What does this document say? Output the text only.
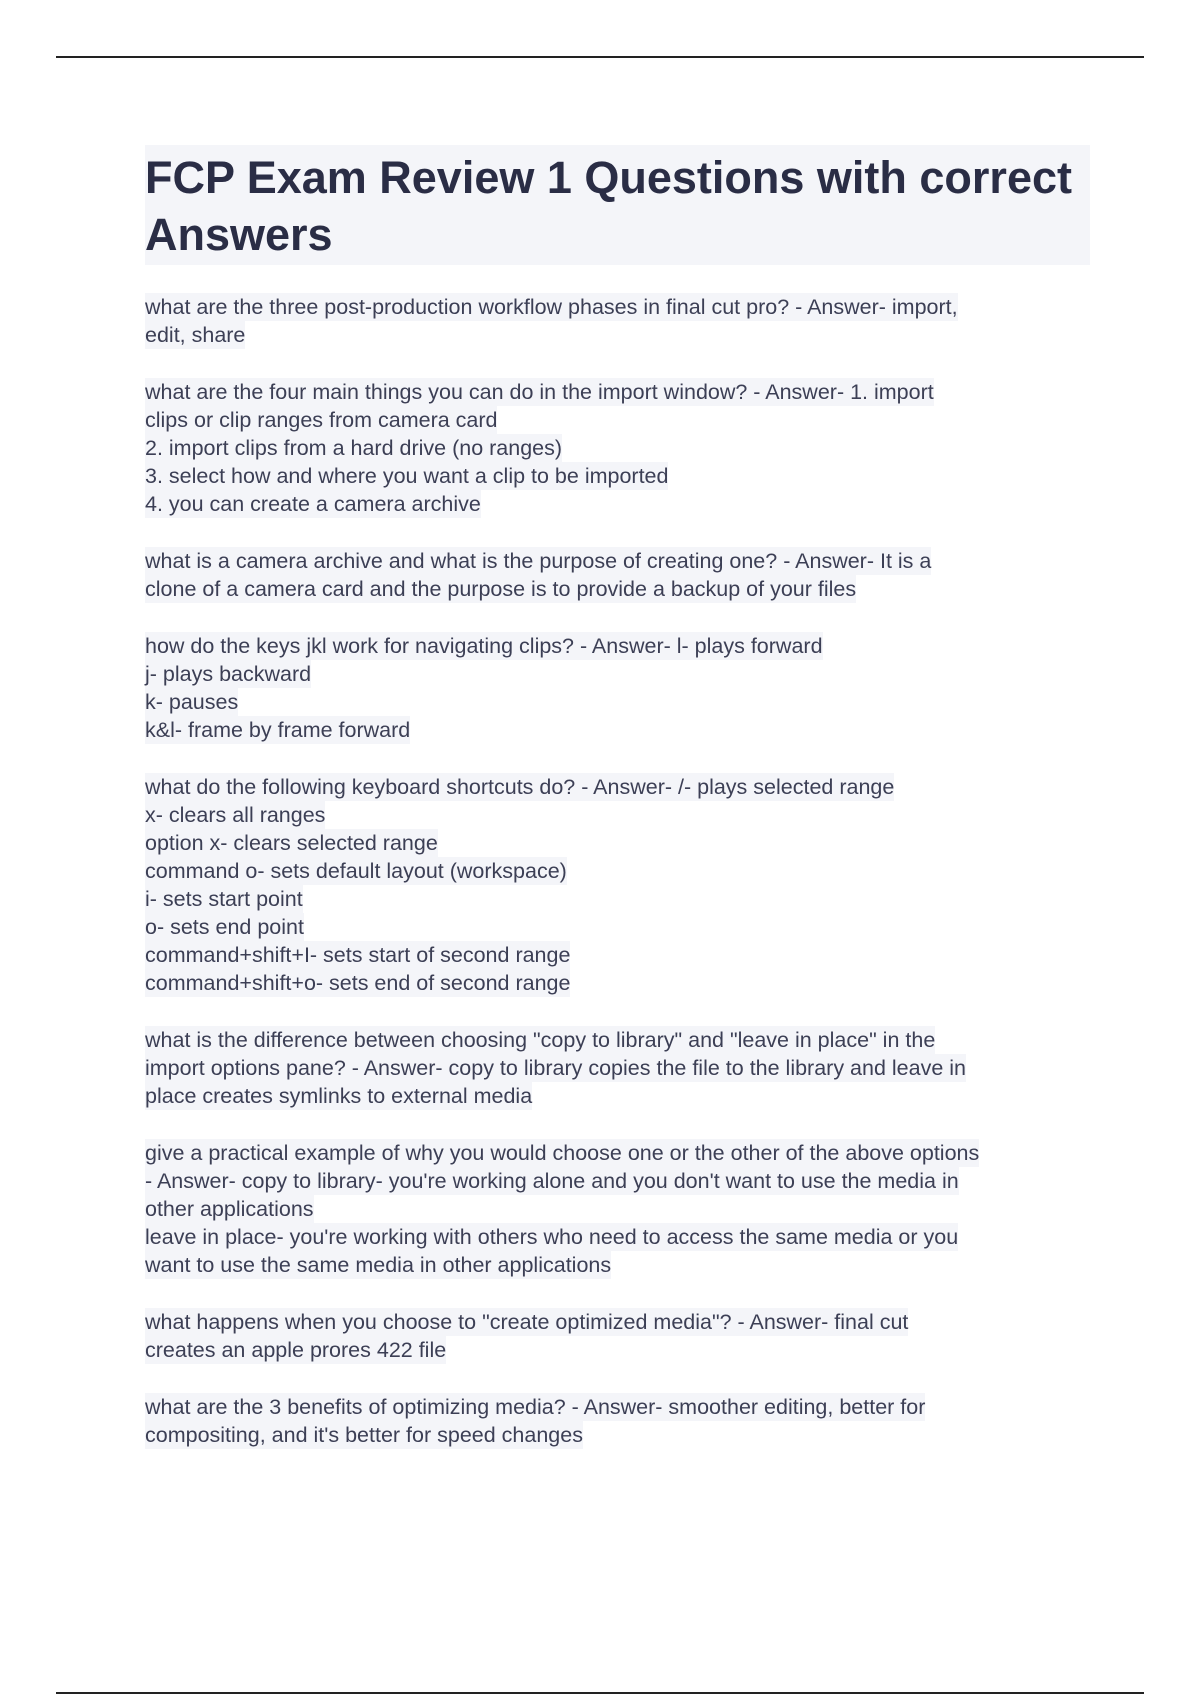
FCP Exam Review 1 Questions with correct Answers
what are the three post-production workflow phases in final cut pro? - Answer- import,
edit, share
what are the four main things you can do in the import window? - Answer- 1. import
clips or clip ranges from camera card
2. import clips from a hard drive (no ranges)
3. select how and where you want a clip to be imported
4. you can create a camera archive
what is a camera archive and what is the purpose of creating one? - Answer- It is a
clone of a camera card and the purpose is to provide a backup of your files
how do the keys jkl work for navigating clips? - Answer- l- plays forward
j- plays backward
k- pauses
k&l- frame by frame forward
what do the following keyboard shortcuts do? - Answer- /- plays selected range
x- clears all ranges
option x- clears selected range
command o- sets default layout (workspace)
i- sets start point
o- sets end point
command+shift+I- sets start of second range
command+shift+o- sets end of second range
what is the difference between choosing "copy to library" and "leave in place" in the
import options pane? - Answer- copy to library copies the file to the library and leave in
place creates symlinks to external media
give a practical example of why you would choose one or the other of the above options
- Answer- copy to library- you're working alone and you don't want to use the media in
other applications
leave in place- you're working with others who need to access the same media or you
want to use the same media in other applications
what happens when you choose to "create optimized media"? - Answer- final cut
creates an apple prores 422 file
what are the 3 benefits of optimizing media? - Answer- smoother editing, better for
compositing, and it's better for speed changes
